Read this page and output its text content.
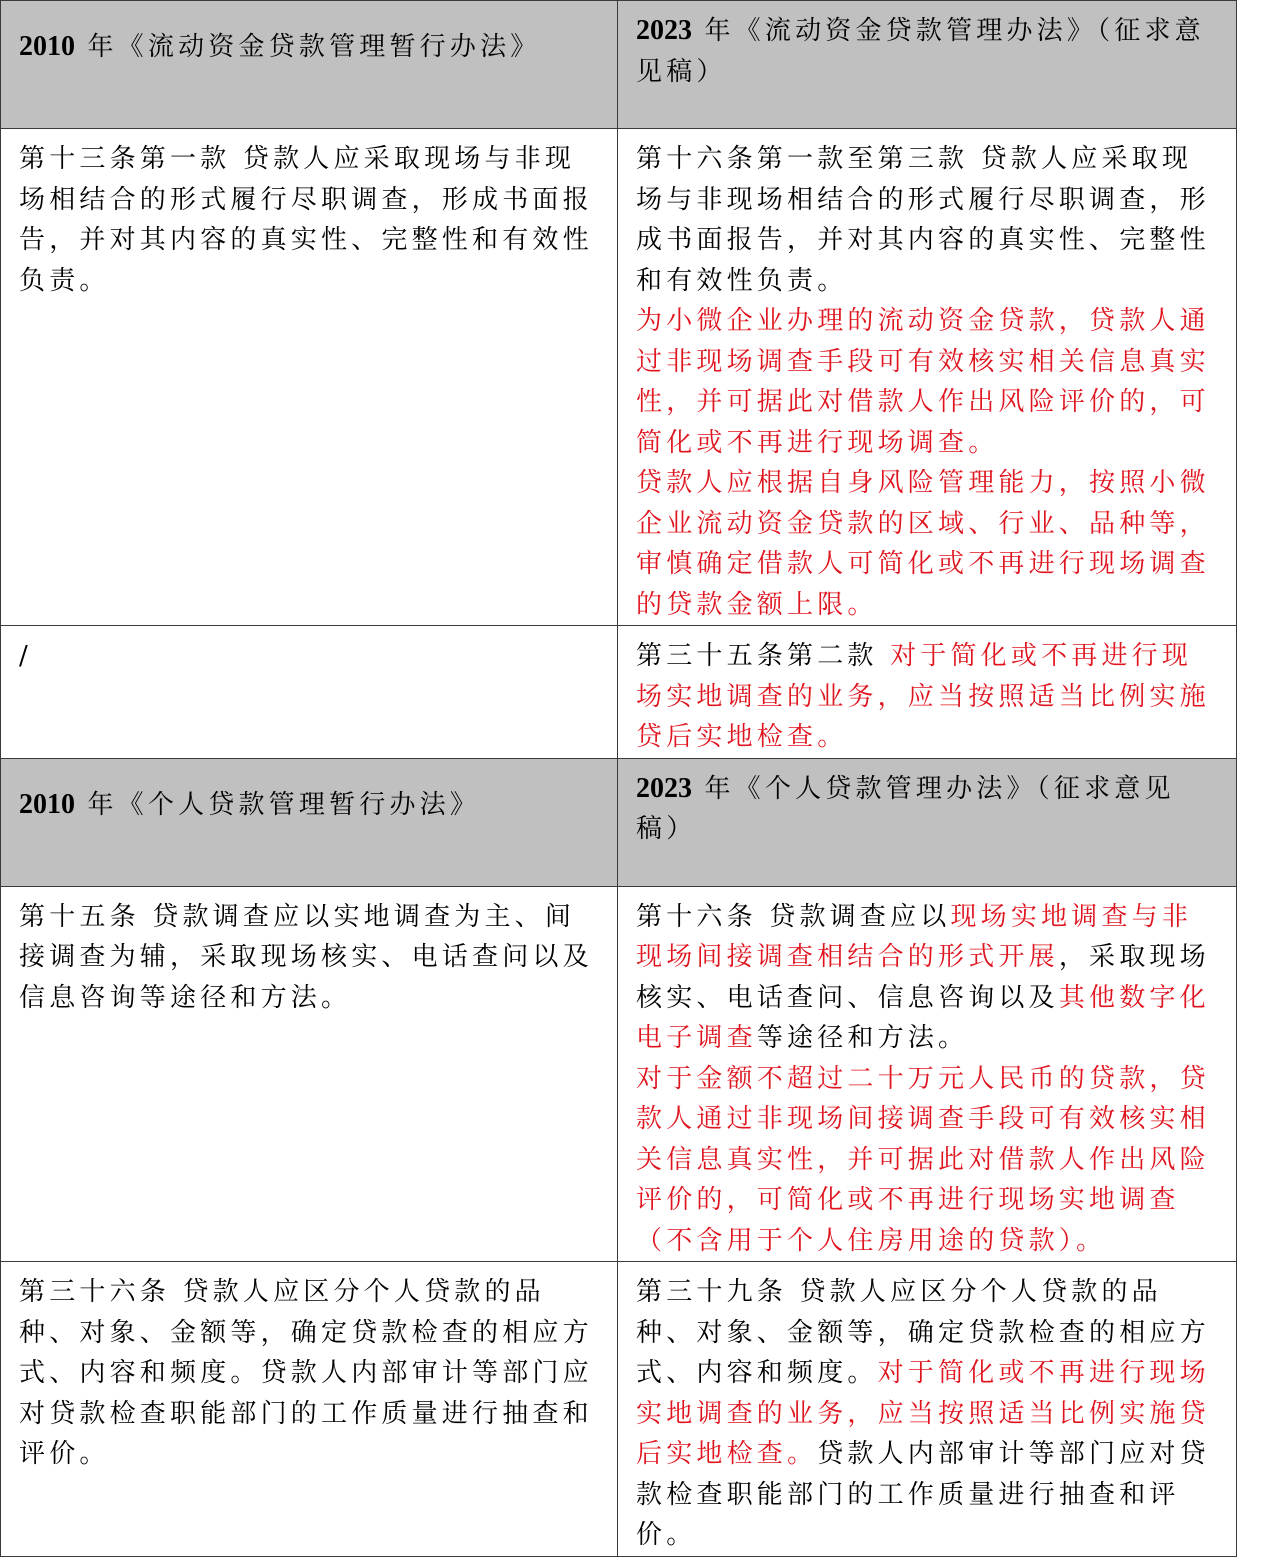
2010 年《流动资金贷款管理暂行办法》	2023 年《流动资金贷款管理办法》（征求意见稿）

第十三条第一款 贷款人应采取现场与非现场相结合的形式履行尽职调查，形成书面报告，并对其内容的真实性、完整性和有效性负责。	第十六条第一款至第三款 贷款人应采取现场与非现场相结合的形式履行尽职调查，形成书面报告，并对其内容的真实性、完整性和有效性负责。
为小微企业办理的流动资金贷款，贷款人通过非现场调查手段可有效核实相关信息真实性，并可据此对借款人作出风险评价的，可简化或不再进行现场调查。
贷款人应根据自身风险管理能力，按照小微企业流动资金贷款的区域、行业、品种等，审慎确定借款人可简化或不再进行现场调查的贷款金额上限。

/	第三十五条第二款 对于简化或不再进行现场实地调查的业务，应当按照适当比例实施贷后实地检查。

2010 年《个人贷款管理暂行办法》	2023 年《个人贷款管理办法》（征求意见稿）

第十五条 贷款调查应以实地调查为主、间接调查为辅，采取现场核实、电话查问以及信息咨询等途径和方法。	第十六条 贷款调查应以现场实地调查与非现场间接调查相结合的形式开展，采取现场核实、电话查问、信息咨询以及其他数字化电子调查等途径和方法。
对于金额不超过二十万元人民币的贷款，贷款人通过非现场间接调查手段可有效核实相关信息真实性，并可据此对借款人作出风险评价的，可简化或不再进行现场实地调查（不含用于个人住房用途的贷款）。

第三十六条 贷款人应区分个人贷款的品种、对象、金额等，确定贷款检查的相应方式、内容和频度。贷款人内部审计等部门应对贷款检查职能部门的工作质量进行抽查和评价。	第三十九条 贷款人应区分个人贷款的品种、对象、金额等，确定贷款检查的相应方式、内容和频度。对于简化或不再进行现场实地调查的业务，应当按照适当比例实施贷后实地检查。贷款人内部审计等部门应对贷款检查职能部门的工作质量进行抽查和评价。
